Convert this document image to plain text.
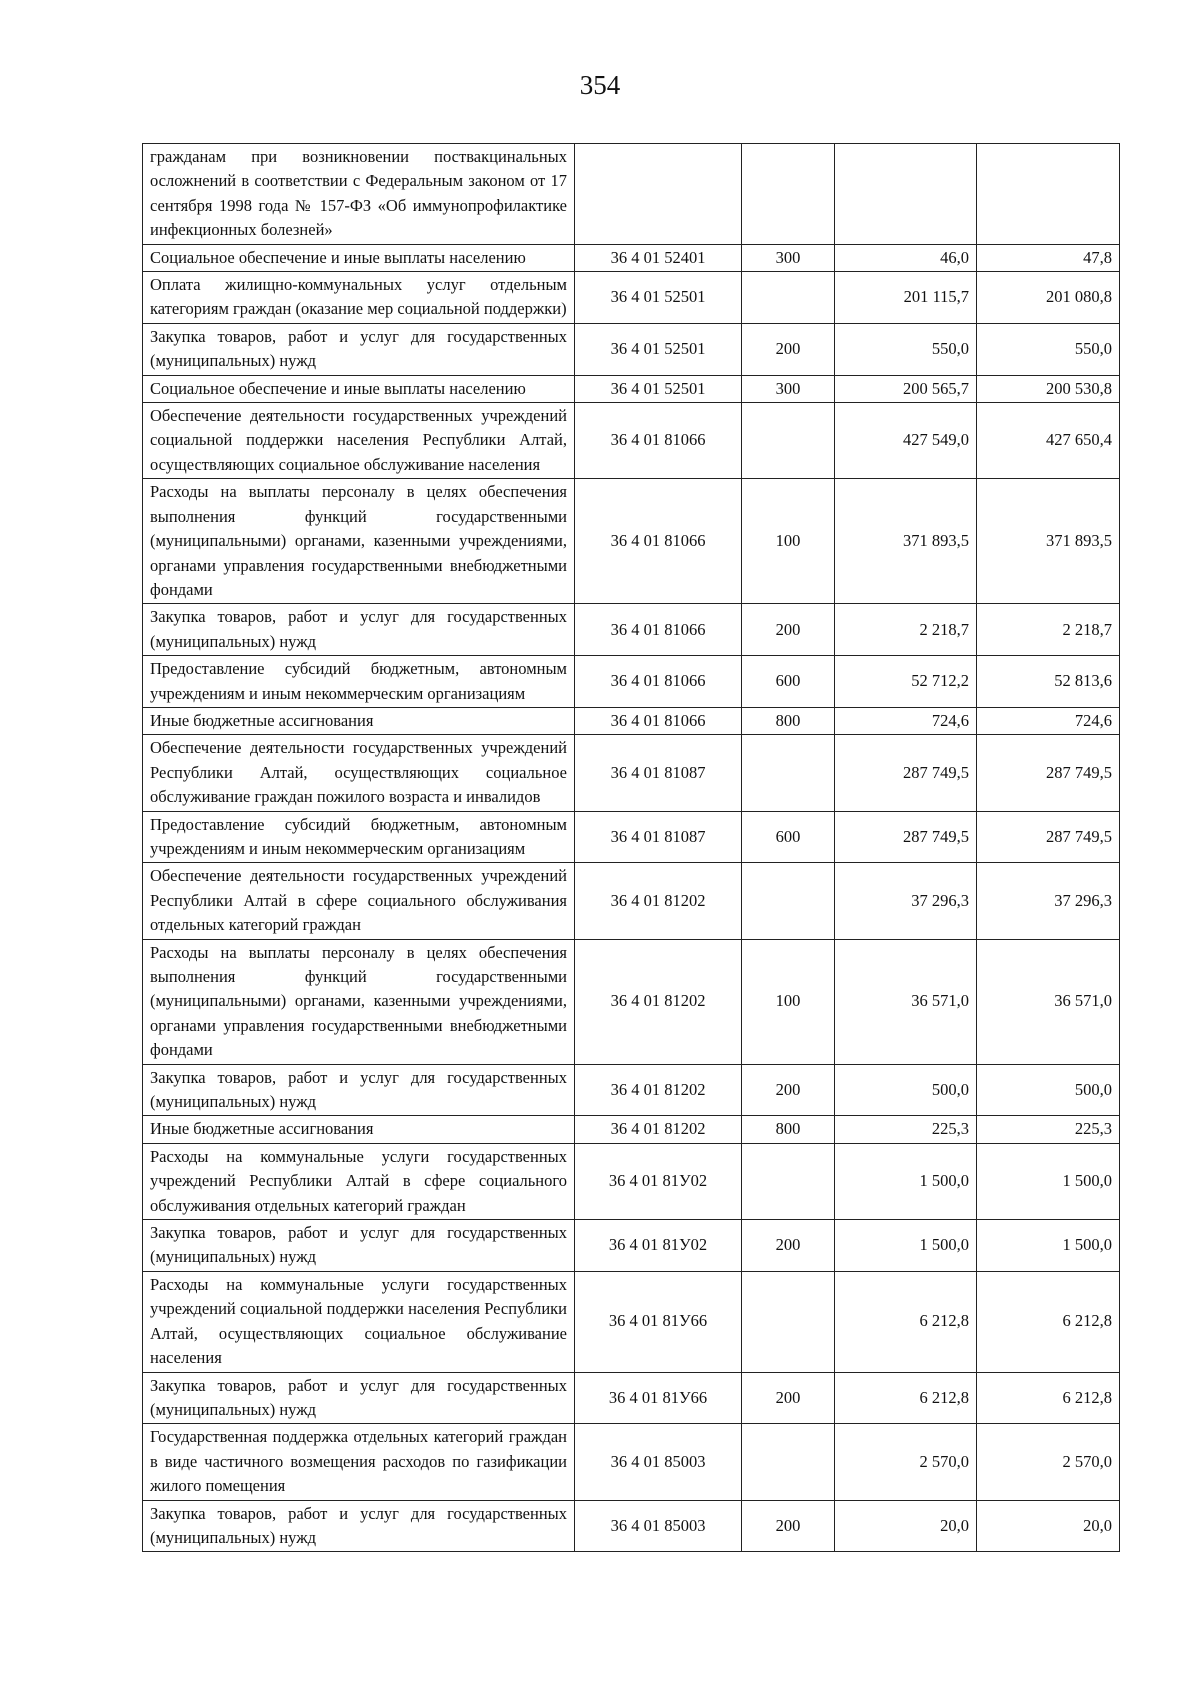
354
гражданам при возникновении поствакцинальных осложнений в соответствии с Федеральным законом от 17 сентября 1998 года № 157-ФЗ «Об иммунопрофилактике инфекционных болезней»				
Социальное обеспечение и иные выплаты населению	36 4 01 52401	300	46,0	47,8
Оплата жилищно-коммунальных услуг отдельным категориям граждан (оказание мер социальной поддержки)	36 4 01 52501		201 115,7	201 080,8
Закупка товаров, работ и услуг для государственных (муниципальных) нужд	36 4 01 52501	200	550,0	550,0
Социальное обеспечение и иные выплаты населению	36 4 01 52501	300	200 565,7	200 530,8
Обеспечение деятельности государственных учреждений социальной поддержки населения Республики Алтай, осуществляющих социальное обслуживание населения	36 4 01 81066		427 549,0	427 650,4
Расходы на выплаты персоналу в целях обеспечения выполнения функций государственными (муниципальными) органами, казенными учреждениями, органами управления государственными внебюджетными фондами	36 4 01 81066	100	371 893,5	371 893,5
Закупка товаров, работ и услуг для государственных (муниципальных) нужд	36 4 01 81066	200	2 218,7	2 218,7
Предоставление субсидий бюджетным, автономным учреждениям и иным некоммерческим организациям	36 4 01 81066	600	52 712,2	52 813,6
Иные бюджетные ассигнования	36 4 01 81066	800	724,6	724,6
Обеспечение деятельности государственных учреждений Республики Алтай, осуществляющих социальное обслуживание граждан пожилого возраста и инвалидов	36 4 01 81087		287 749,5	287 749,5
Предоставление субсидий бюджетным, автономным учреждениям и иным некоммерческим организациям	36 4 01 81087	600	287 749,5	287 749,5
Обеспечение деятельности государственных учреждений Республики Алтай в сфере социального обслуживания отдельных категорий граждан	36 4 01 81202		37 296,3	37 296,3
Расходы на выплаты персоналу в целях обеспечения выполнения функций государственными (муниципальными) органами, казенными учреждениями, органами управления государственными внебюджетными фондами	36 4 01 81202	100	36 571,0	36 571,0
Закупка товаров, работ и услуг для государственных (муниципальных) нужд	36 4 01 81202	200	500,0	500,0
Иные бюджетные ассигнования	36 4 01 81202	800	225,3	225,3
Расходы на коммунальные услуги государственных учреждений Республики Алтай в сфере социального обслуживания отдельных категорий граждан	36 4 01 81У02		1 500,0	1 500,0
Закупка товаров, работ и услуг для государственных (муниципальных) нужд	36 4 01 81У02	200	1 500,0	1 500,0
Расходы на коммунальные услуги государственных учреждений социальной поддержки населения Республики Алтай, осуществляющих социальное обслуживание населения	36 4 01 81У66		6 212,8	6 212,8
Закупка товаров, работ и услуг для государственных (муниципальных) нужд	36 4 01 81У66	200	6 212,8	6 212,8
Государственная поддержка отдельных категорий граждан в виде частичного возмещения расходов по газификации жилого помещения	36 4 01 85003		2 570,0	2 570,0
Закупка товаров, работ и услуг для государственных (муниципальных) нужд	36 4 01 85003	200	20,0	20,0
